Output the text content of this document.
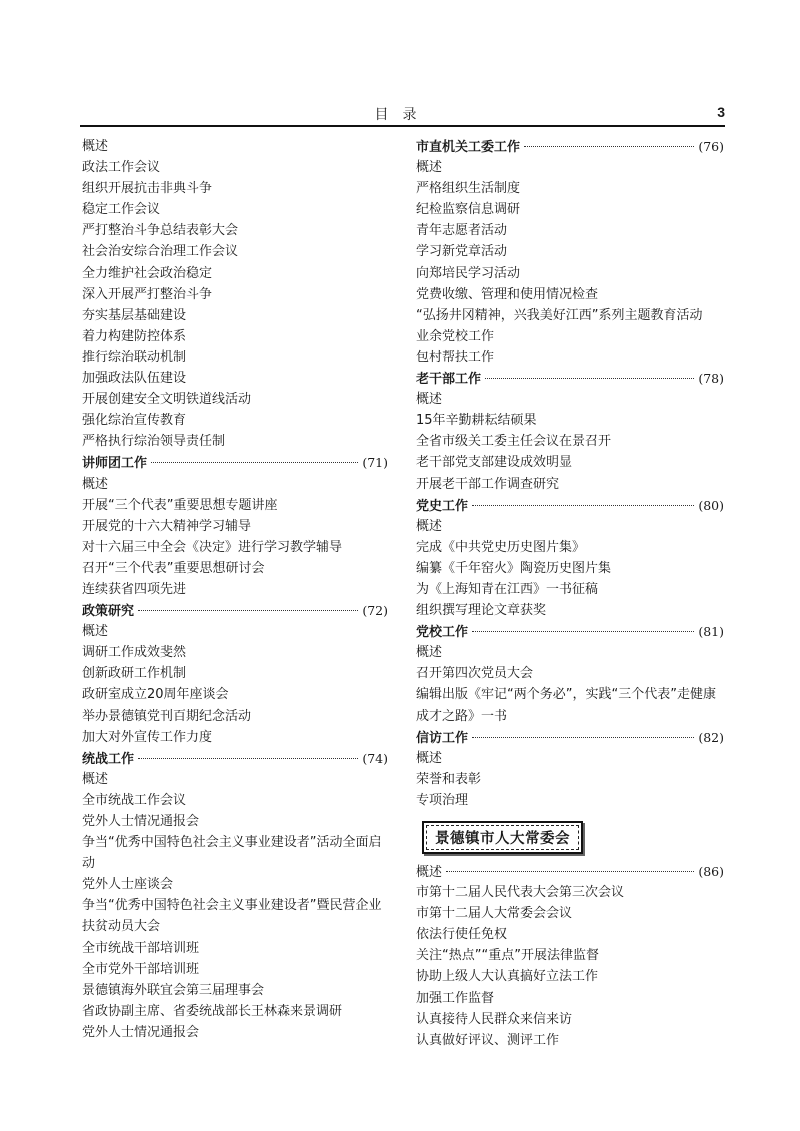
目录	3
概述
政法工作会议
组织开展抗击非典斗争
稳定工作会议
严打整治斗争总结表彰大会
社会治安综合治理工作会议
全力维护社会政治稳定
深入开展严打整治斗争
夯实基层基础建设
着力构建防控体系
推行综治联动机制
加强政法队伍建设
开展创建安全文明铁道线活动
强化综治宣传教育
严格执行综治领导责任制
讲师团工作	(71)
概述
开展“三个代表”重要思想专题讲座
开展党的十六大精神学习辅导
对十六届三中全会《决定》进行学习教学辅导
召开“三个代表”重要思想研讨会
连续获省四项先进
政策研究	(72)
概述
调研工作成效斐然
创新政研工作机制
政研室成立20周年座谈会
举办景德镇党刊百期纪念活动
加大对外宣传工作力度
统战工作	(74)
概述
全市统战工作会议
党外人士情况通报会
争当“优秀中国特色社会主义事业建设者”活动全面启动
党外人士座谈会
争当“优秀中国特色社会主义事业建设者”暨民营企业扶贫动员大会
全市统战干部培训班
全市党外干部培训班
景德镇海外联宜会第三届理事会
省政协副主席、省委统战部长王林森来景调研
党外人士情况通报会
市直机关工委工作	(76)
概述
严格组织生活制度
纪检监察信息调研
青年志愿者活动
学习新党章活动
向郑培民学习活动
党费收缴、管理和使用情况检查
“弘扬井冈精神，兴我美好江西”系列主题教育活动
业余党校工作
包村帮扶工作
老干部工作	(78)
概述
15年辛勤耕耘结硕果
全省市级关工委主任会议在景召开
老干部党支部建设成效明显
开展老干部工作调查研究
党史工作	(80)
概述
完成《中共党史历史图片集》
编纂《千年窑火》陶瓷历史图片集
为《上海知青在江西》一书征稿
组织撰写理论文章获奖
党校工作	(81)
概述
召开第四次党员大会
编辑出版《牢记“两个务必”，实践“三个代表”走健康成才之路》一书
信访工作	(82)
概述
荣誉和表彰
专项治理
景德镇市人大常委会
概述	(86)
市第十二届人民代表大会第三次会议
市第十二届人大常委会会议
依法行使任免权
关注“热点”“重点”开展法律监督
协助上级人大认真搞好立法工作
加强工作监督
认真接待人民群众来信来访
认真做好评议、测评工作
